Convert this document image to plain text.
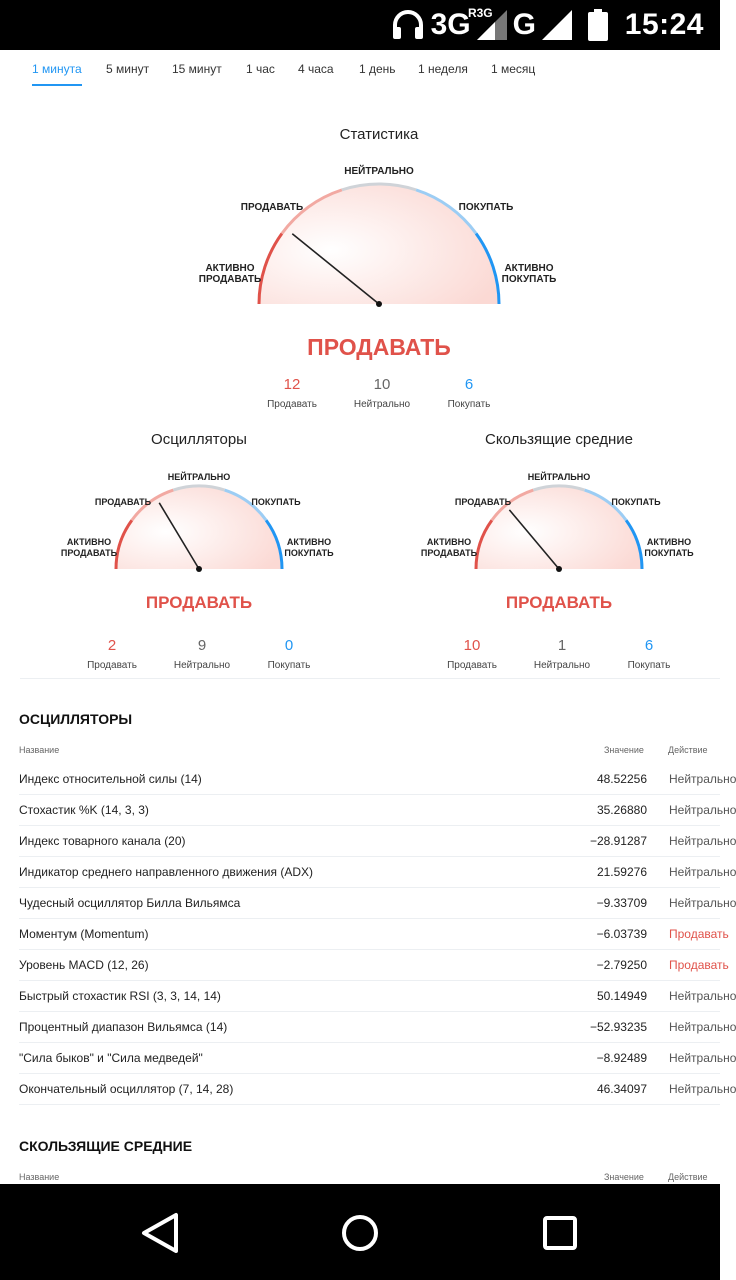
3G
R3G G	15:24
1 минута 5 минут 15 минут 1 час 4 часа 1 день 1 неделя 1 месяц
Статистика
АКТИВНО
ПРОДАВАТЬ
ПРОДАВАТЬ
НЕЙТРАЛЬНО
ПОКУПАТЬ
АКТИВНО
ПОКУПАТЬ
ПРОДАВАТЬ
12
Продавать
10
Нейтрально
6
Покупать
Осцилляторы
АКТИВНО
ПРОДАВАТЬ
ПРОДАВАТЬ
НЕЙТРАЛЬНО
ПОКУПАТЬ
АКТИВНО
ПОКУПАТЬ
ПРОДАВАТЬ
2
Продавать
9
Нейтрально
0
Покупать
Скользящие средние
АКТИВНО
ПРОДАВАТЬ
ПРОДАВАТЬ
НЕЙТРАЛЬНО
ПОКУПАТЬ
АКТИВНО
ПОКУПАТЬ
ПРОДАВАТЬ
10
Продавать
1
Нейтрально
6
Покупать
ОСЦИЛЛЯТОРЫ
Название	Значение	Действие
Индекс относительной силы (14)	48.52256 Нейтрально
Стохастик %K (14, 3, 3)	35.26880 Нейтрально
Индекс товарного канала (20)	−28.91287 Нейтрально
Индикатор среднего направленного движения (ADX)	21.59276 Нейтрально
Чудесный осциллятор Билла Вильямса	−9.33709 Нейтрально
Моментум (Momentum)	−6.03739 Продавать
Уровень MACD (12, 26)	−2.79250 Продавать
Быстрый стохастик RSI (3, 3, 14, 14)	50.14949 Нейтрально
Процентный диапазон Вильямса (14)	−52.93235 Нейтрально
"Сила быков" и "Сила медведей"	−8.92489 Нейтрально
Окончательный осциллятор (7, 14, 28)	46.34097 Нейтрально
СКОЛЬЗЯЩИЕ СРЕДНИЕ
Название	Значение	Действие
